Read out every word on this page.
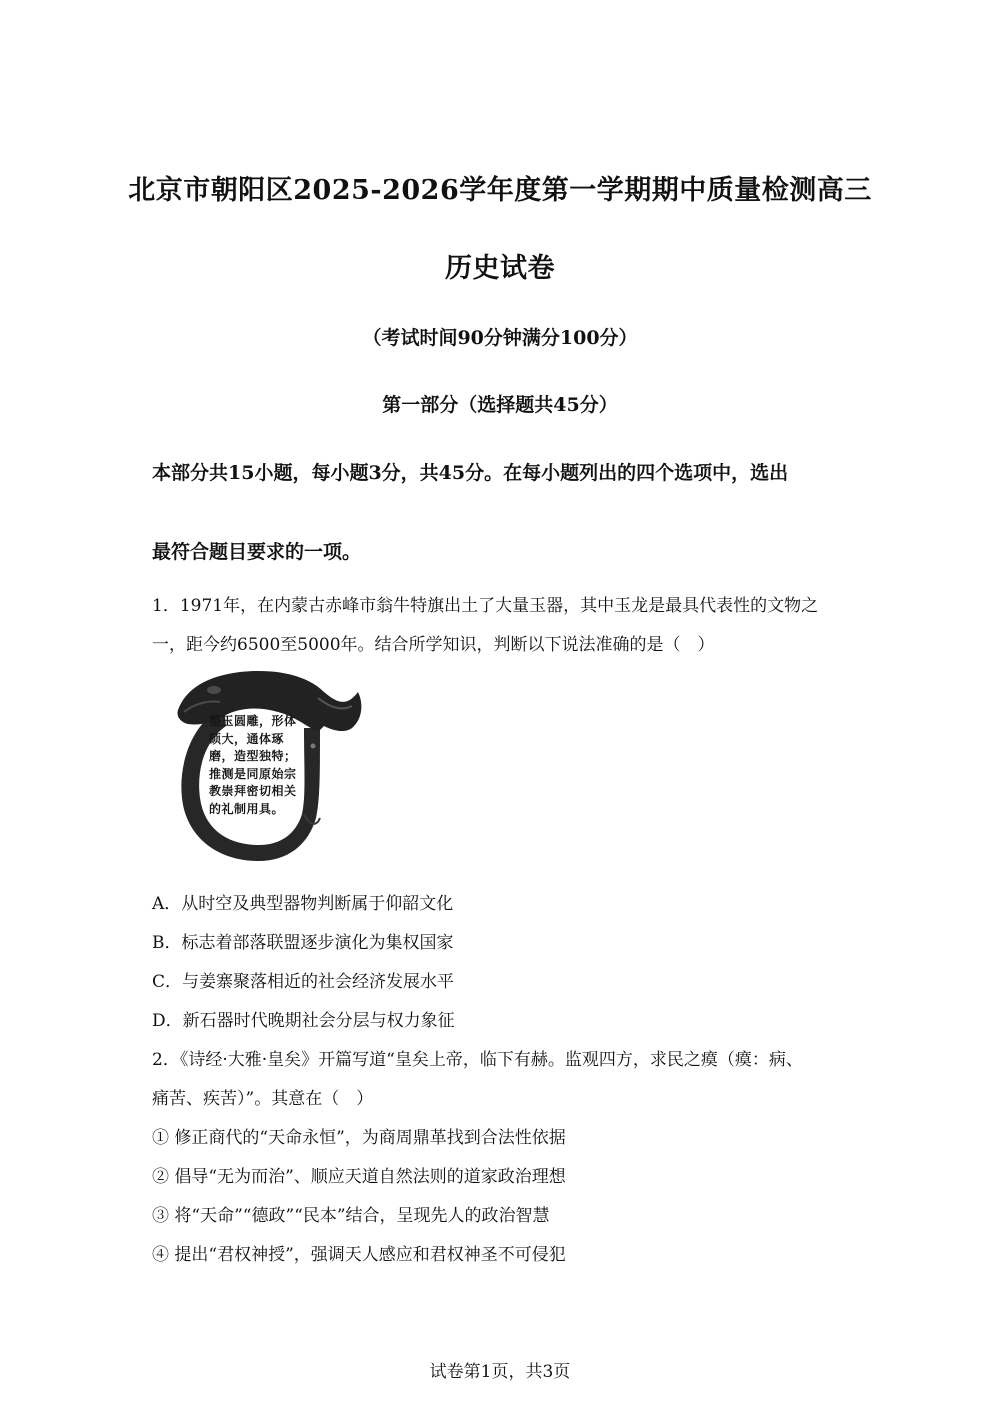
北京市朝阳区2025-2026学年度第一学期期中质量检测高三
历史试卷
（考试时间90分钟满分100分）
第一部分（选择题共45分）
本部分共15小题，每小题3分，共45分。在每小题列出的四个选项中，选出
最符合题目要求的一项。
1．1971年，在内蒙古赤峰市翁牛特旗出土了大量玉器，其中玉龙是最具代表性的文物之
一，距今约6500至5000年。结合所学知识，判断以下说法准确的是（　）
整玉圆雕，形体硕大，通体琢磨，造型独特；推测是同原始宗教崇拜密切相关的礼制用具。
A．从时空及典型器物判断属于仰韶文化
B．标志着部落联盟逐步演化为集权国家
C．与姜寨聚落相近的社会经济发展水平
D．新石器时代晚期社会分层与权力象征
2．《诗经·大雅·皇矣》开篇写道“皇矣上帝，临下有赫。监观四方，求民之瘼（瘼：病、
痛苦、疾苦）”。其意在（　）
① 修正商代的“天命永恒”，为商周鼎革找到合法性依据
② 倡导“无为而治”、顺应天道自然法则的道家政治理想
③ 将“天命”“德政”“民本”结合，呈现先人的政治智慧
④ 提出“君权神授”，强调天人感应和君权神圣不可侵犯
试卷第1页，共3页
